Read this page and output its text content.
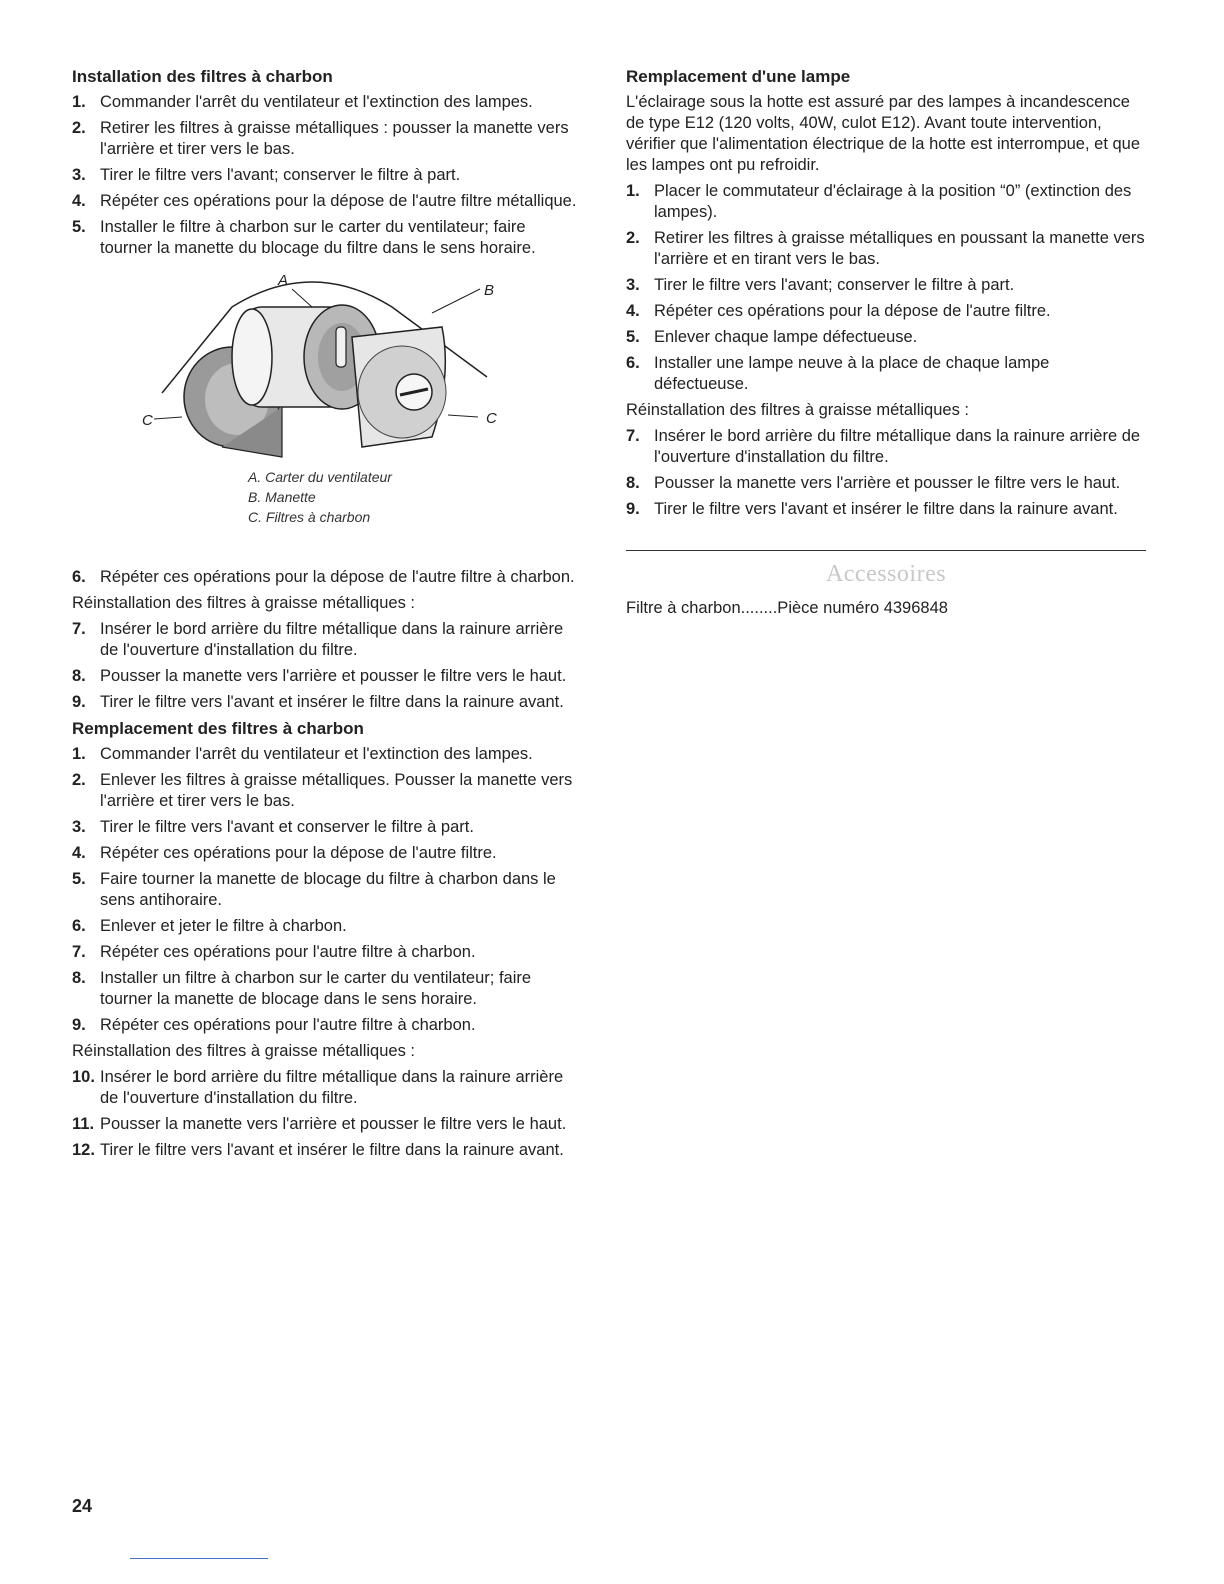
Installation des filtres à charbon
1. Commander l'arrêt du ventilateur et l'extinction des lampes.
2. Retirer les filtres à graisse métalliques : pousser la manette vers l'arrière et tirer vers le bas.
3. Tirer le filtre vers l'avant; conserver le filtre à part.
4. Répéter ces opérations pour la dépose de l'autre filtre métallique.
5. Installer le filtre à charbon sur le carter du ventilateur; faire tourner la manette du blocage du filtre dans le sens horaire.
A
B
C	C
A. Carter du ventilateur
B. Manette
C. Filtres à charbon
6. Répéter ces opérations pour la dépose de l'autre filtre à charbon.

Réinstallation des filtres à graisse métalliques :

7. Insérer le bord arrière du filtre métallique dans la rainure arrière de l'ouverture d'installation du filtre.
8. Pousser la manette vers l'arrière et pousser le filtre vers le haut.
9. Tirer le filtre vers l'avant et insérer le filtre dans la rainure avant.
Remplacement des filtres à charbon
1. Commander l'arrêt du ventilateur et l'extinction des lampes.
2. Enlever les filtres à graisse métalliques. Pousser la manette vers l'arrière et tirer vers le bas.
3. Tirer le filtre vers l'avant et conserver le filtre à part.
4. Répéter ces opérations pour la dépose de l'autre filtre.
5. Faire tourner la manette de blocage du filtre à charbon dans le sens antihoraire.
6. Enlever et jeter le filtre à charbon.
7. Répéter ces opérations pour l'autre filtre à charbon.
8. Installer un filtre à charbon sur le carter du ventilateur; faire tourner la manette de blocage dans le sens horaire.
9. Répéter ces opérations pour l'autre filtre à charbon.

Réinstallation des filtres à graisse métalliques :

10. Insérer le bord arrière du filtre métallique dans la rainure arrière de l'ouverture d'installation du filtre.
11. Pousser la manette vers l'arrière et pousser le filtre vers le haut.
12. Tirer le filtre vers l'avant et insérer le filtre dans la rainure avant.
Remplacement d'une lampe

L'éclairage sous la hotte est assuré par des lampes à incandescence de type E12 (120 volts, 40W, culot E12). Avant toute intervention, vérifier que l'alimentation électrique de la hotte est interrompue, et que les lampes ont pu refroidir.

1. Placer le commutateur d'éclairage à la position “0” (extinction des lampes).
2. Retirer les filtres à graisse métalliques en poussant la manette vers l'arrière et en tirant vers le bas.
3. Tirer le filtre vers l'avant; conserver le filtre à part.
4. Répéter ces opérations pour la dépose de l'autre filtre.
5. Enlever chaque lampe défectueuse.
6. Installer une lampe neuve à la place de chaque lampe défectueuse.

Réinstallation des filtres à graisse métalliques :

7. Insérer le bord arrière du filtre métallique dans la rainure arrière de l'ouverture d'installation du filtre.
8. Pousser la manette vers l'arrière et pousser le filtre vers le haut.
9. Tirer le filtre vers l'avant et insérer le filtre dans la rainure avant.
Accessoires

Filtre à charbon........Pièce numéro 4396848

24
